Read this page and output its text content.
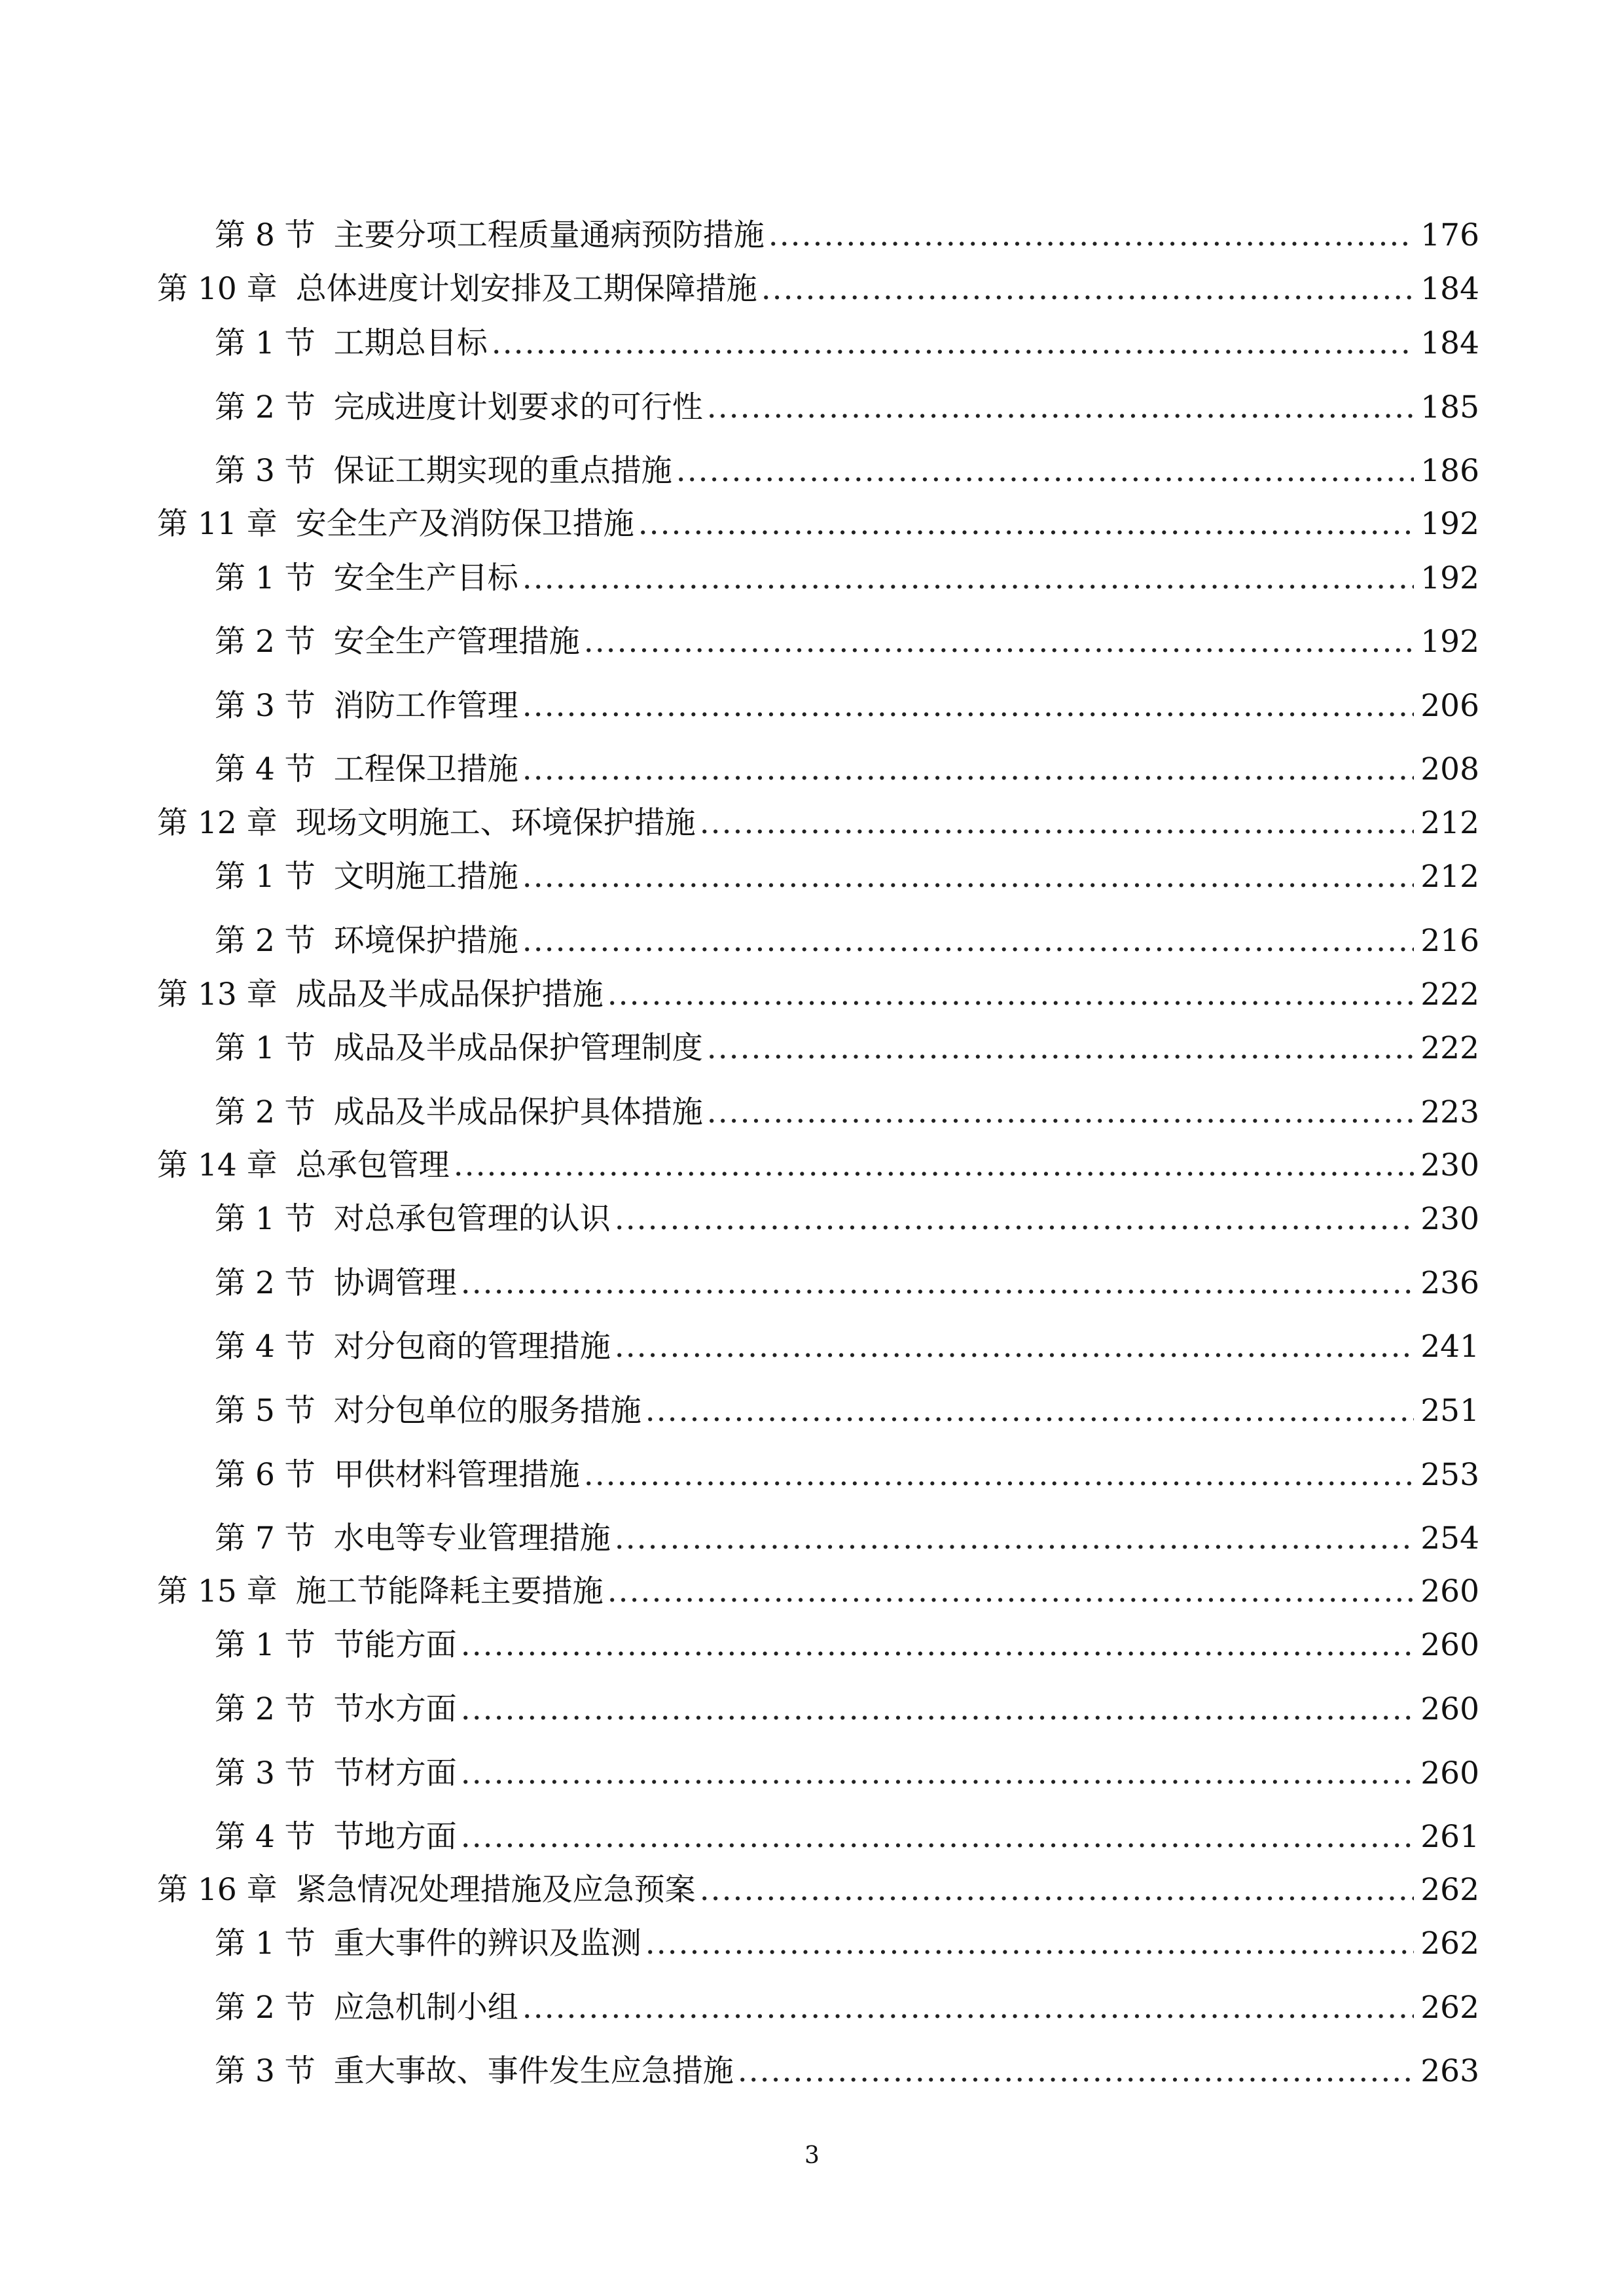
第 8 节 主要分项工程质量通病预防措施 .....	176
第 10 章 总体进度计划安排及工期保障措施 .....	184
第 1 节 工期总目标 .....	184
第 2 节 完成进度计划要求的可行性 .....	185
第 3 节 保证工期实现的重点措施 .....	186
第 11 章 安全生产及消防保卫措施 .....	192
第 1 节 安全生产目标 .....	192
第 2 节 安全生产管理措施 .....	192
第 3 节 消防工作管理 .....	206
第 4 节 工程保卫措施 .....	208
第 12 章 现场文明施工、环境保护措施 .....	212
第 1 节 文明施工措施 .....	212
第 2 节 环境保护措施 .....	216
第 13 章 成品及半成品保护措施 .....	222
第 1 节 成品及半成品保护管理制度 .....	222
第 2 节 成品及半成品保护具体措施 .....	223
第 14 章 总承包管理 .....	230
第 1 节 对总承包管理的认识 .....	230
第 2 节 协调管理 .....	236
第 4 节 对分包商的管理措施 .....	241
第 5 节 对分包单位的服务措施 .....	251
第 6 节 甲供材料管理措施 .....	253
第 7 节 水电等专业管理措施 .....	254
第 15 章 施工节能降耗主要措施 .....	260
第 1 节 节能方面 .....	260
第 2 节 节水方面 .....	260
第 3 节 节材方面 .....	260
第 4 节 节地方面 .....	261
第 16 章 紧急情况处理措施及应急预案 .....	262
第 1 节 重大事件的辨识及监测 .....	262
第 2 节 应急机制小组 .....	262
第 3 节 重大事故、事件发生应急措施 .....	263
3
